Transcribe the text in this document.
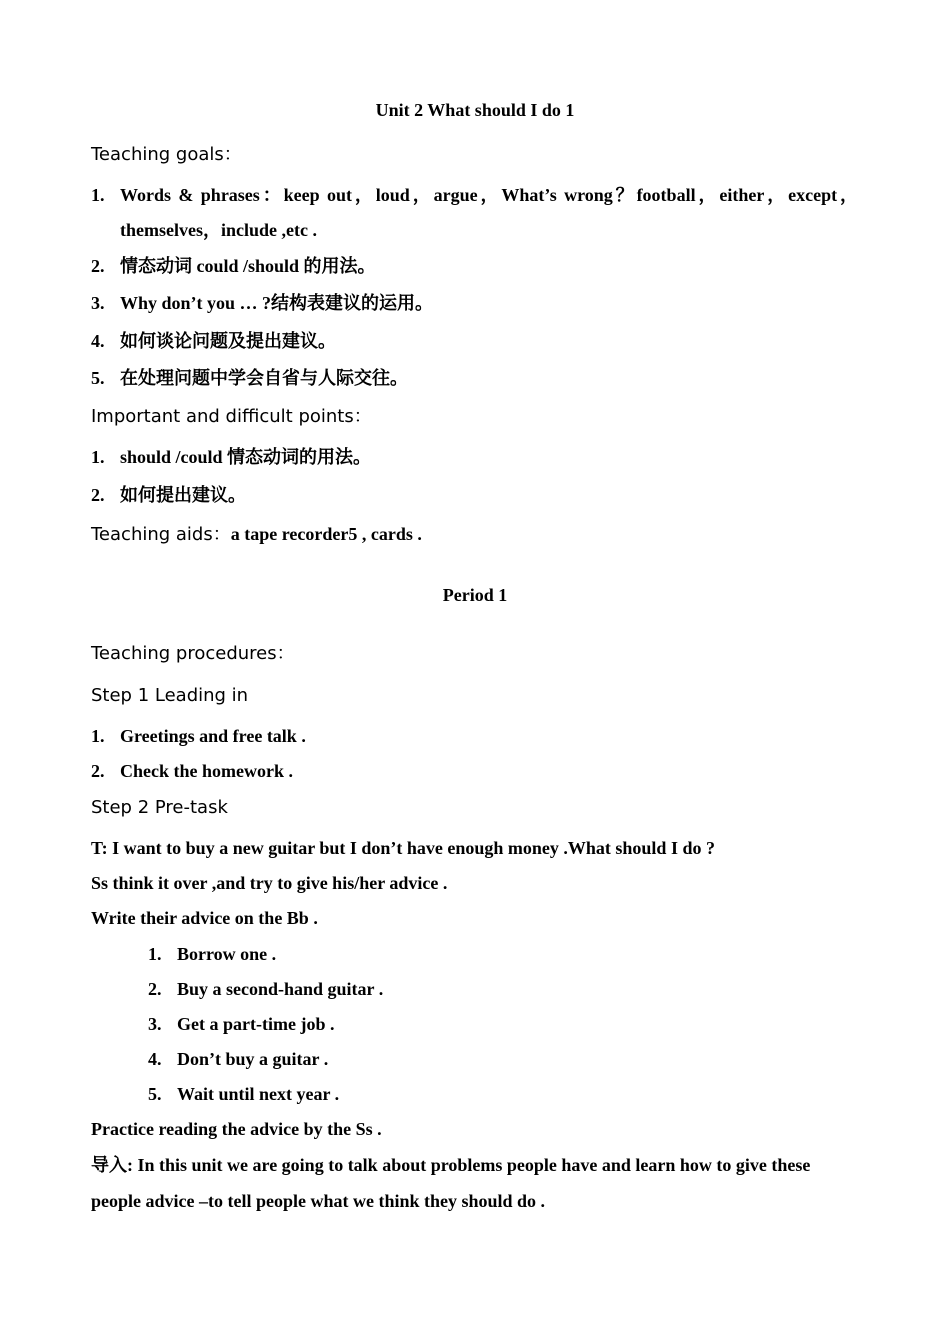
Unit 2 What should I do 1
Teaching goals：
1. Words & phrases：keep out，loud，argue，What’s wrong？football，either，except，
themselves，include ,etc .
2. 情态动词 could /should 的用法。
3. Why don’t you … ?结构表建议的运用。
4. 如何谈论问题及提出建议。
5. 在处理问题中学会自省与人际交往。
Important and difficult points：
1. should /could 情态动词的用法。
2. 如何提出建议。
Teaching aids：a tape recorder5 , cards .
Period 1
Teaching procedures：
Step 1 Leading in
1. Greetings and free talk .
2. Check the homework .
Step 2 Pre-task
T: I want to buy a new guitar but I don’t have enough money .What should I do ?
Ss think it over ,and try to give his/her advice .
Write their advice on the Bb .
1. Borrow one .
2. Buy a second-hand guitar .
3. Get a part-time job .
4. Don’t buy a guitar .
5. Wait until next year .
Practice reading the advice by the Ss .
导入: In this unit we are going to talk about problems people have and learn how to give these
people advice –to tell people what we think they should do .
